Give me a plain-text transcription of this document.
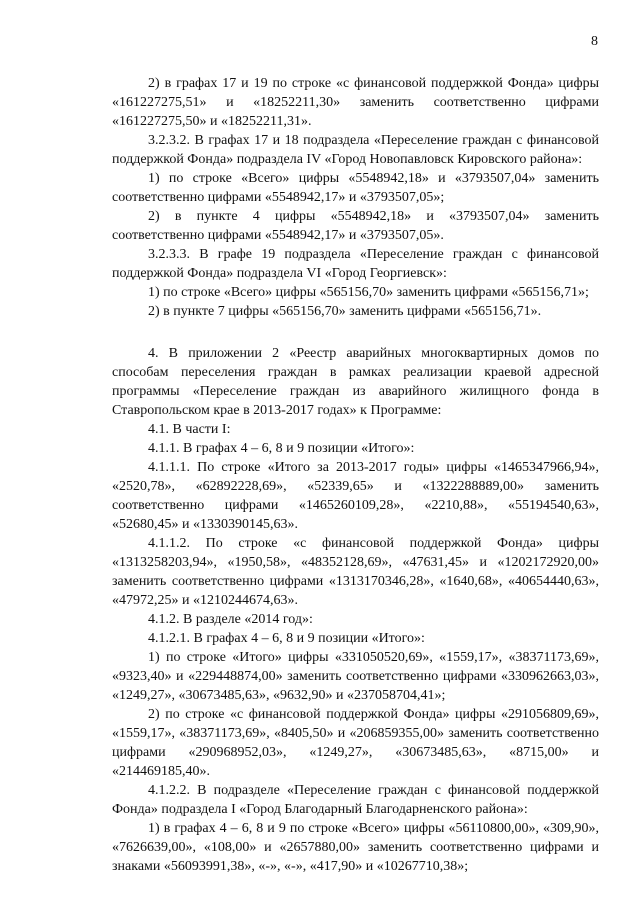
8

2) в графах 17 и 19 по строке «с финансовой поддержкой Фонда» цифры «161227275,51» и «18252211,30» заменить соответственно цифрами «161227275,50» и «18252211,31».

3.2.3.2. В графах 17 и 18 подраздела «Переселение граждан с финансовой поддержкой Фонда» подраздела IV «Город Новопавловск Кировского района»:

1) по строке «Всего» цифры «5548942,18» и «3793507,04» заменить соответственно цифрами «5548942,17» и «3793507,05»;

2) в пункте 4 цифры «5548942,18» и «3793507,04» заменить соответственно цифрами «5548942,17» и «3793507,05».

3.2.3.3. В графе 19 подраздела «Переселение граждан с финансовой поддержкой Фонда» подраздела VI «Город Георгиевск»:

1) по строке «Всего» цифры «565156,70» заменить цифрами «565156,71»;

2) в пункте 7 цифры «565156,70» заменить цифрами «565156,71».

4. В приложении 2 «Реестр аварийных многоквартирных домов по способам переселения граждан в рамках реализации краевой адресной программы «Переселение граждан из аварийного жилищного фонда в Ставропольском крае в 2013-2017 годах» к Программе:

4.1. В части I:

4.1.1. В графах 4 – 6, 8 и 9 позиции «Итого»:

4.1.1.1. По строке «Итого за 2013-2017 годы» цифры «1465347966,94», «2520,78», «62892228,69», «52339,65» и «1322288889,00» заменить соответственно цифрами «1465260109,28», «2210,88», «55194540,63», «52680,45» и «1330390145,63».

4.1.1.2. По строке «с финансовой поддержкой Фонда» цифры «1313258203,94», «1950,58», «48352128,69», «47631,45» и «1202172920,00» заменить соответственно цифрами «1313170346,28», «1640,68», «40654440,63», «47972,25» и «1210244674,63».

4.1.2. В разделе «2014 год»:

4.1.2.1. В графах 4 – 6, 8 и 9 позиции «Итого»:

1) по строке «Итого» цифры «331050520,69», «1559,17», «38371173,69», «9323,40» и «229448874,00» заменить соответственно цифрами «330962663,03», «1249,27», «30673485,63», «9632,90» и «237058704,41»;

2) по строке «с финансовой поддержкой Фонда» цифры «291056809,69», «1559,17», «38371173,69», «8405,50» и «206859355,00» заменить соответственно цифрами «290968952,03», «1249,27», «30673485,63», «8715,00» и «214469185,40».

4.1.2.2. В подразделе «Переселение граждан с финансовой поддержкой Фонда» подраздела I «Город Благодарный Благодарненского района»:

1) в графах 4 – 6, 8 и 9 по строке «Всего» цифры «56110800,00», «309,90», «7626639,00», «108,00» и «2657880,00» заменить соответственно цифрами и знаками «56093991,38», «-», «-», «417,90» и «10267710,38»;
